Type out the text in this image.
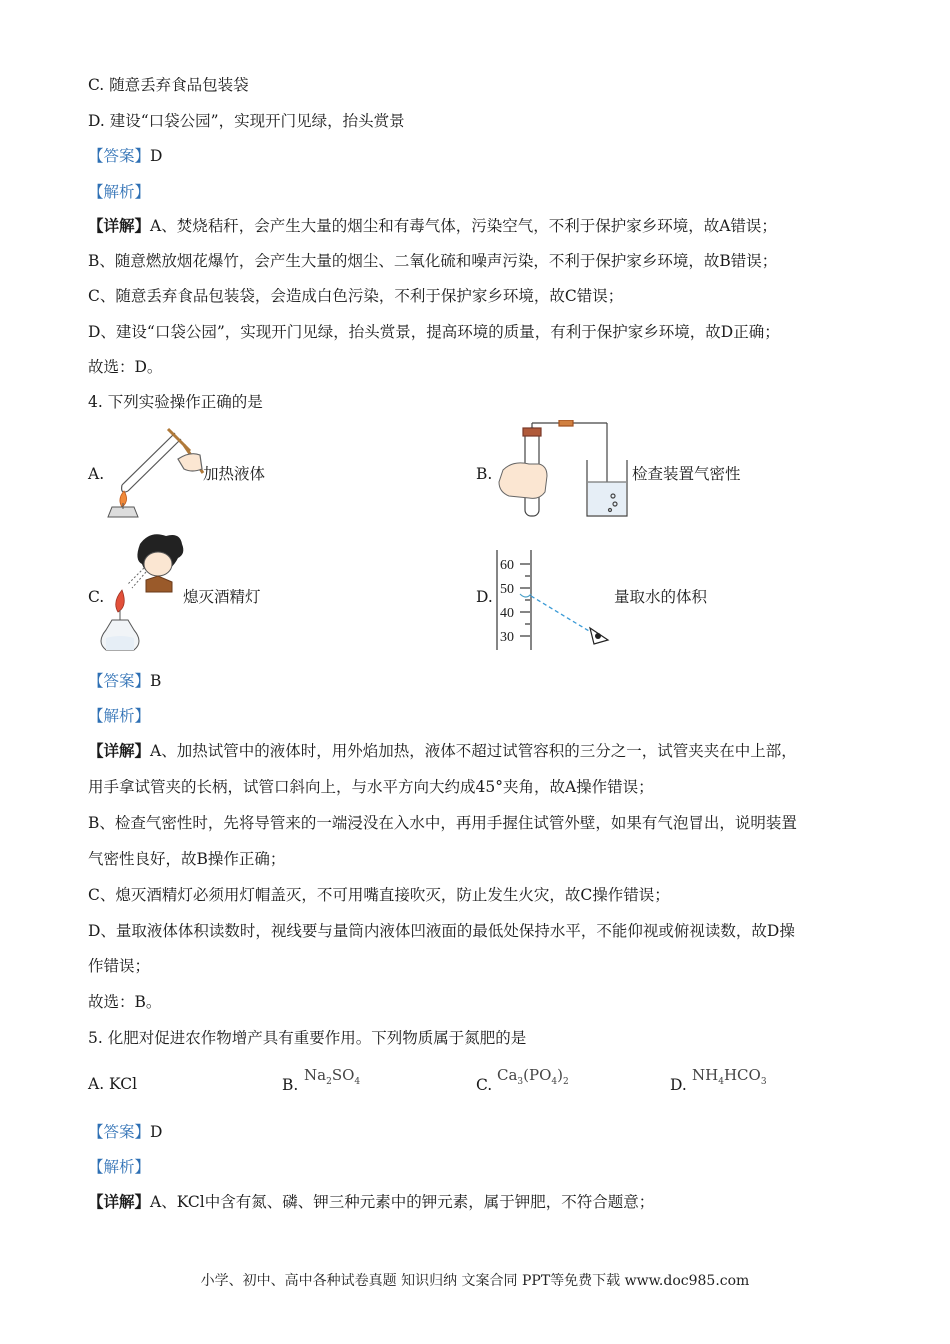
C. 随意丢弃食品包装袋
D. 建设“口袋公园”，实现开门见绿，抬头赏景
【答案】D
【解析】
【详解】A、焚烧秸秆，会产生大量的烟尘和有毒气体，污染空气，不利于保护家乡环境，故A错误；
B、随意燃放烟花爆竹，会产生大量的烟尘、二氧化硫和噪声污染，不利于保护家乡环境，故B错误；
C、随意丢弃食品包装袋，会造成白色污染，不利于保护家乡环境，故C错误；
D、建设“口袋公园”，实现开门见绿，抬头赏景，提高环境的质量，有利于保护家乡环境，故D正确；
故选：D。
4. 下列实验操作正确的是
A.	加热液体	B.	检查装置气密性
C.	熄灭酒精灯	D.
60
50
40
30
量取水的体积
【答案】B
【解析】
【详解】A、加热试管中的液体时，用外焰加热，液体不超过试管容积的三分之一，试管夹夹在中上部，
用手拿试管夹的长柄，试管口斜向上，与水平方向大约成45°夹角，故A操作错误；
B、检查气密性时，先将导管来的一端浸没在入水中，再用手握住试管外壁，如果有气泡冒出，说明装置
气密性良好，故B操作正确；
C、熄灭酒精灯必须用灯帽盖灭，不可用嘴直接吹灭，防止发生火灾，故C操作错误；
D、量取液体体积读数时，视线要与量筒内液体凹液面的最低处保持水平，不能仰视或俯视读数，故D操
作错误；
故选：B。
5. 化肥对促进农作物增产具有重要作用。下列物质属于氮肥的是
A. KCl	B.
$Na_2SO_4$	C.
$Ca_3(PO_4)_2$	D.
$NH_4HCO_3$
【答案】D
【解析】
【详解】A、KCl中含有氮、磷、钾三种元素中的钾元素，属于钾肥，不符合题意；
小学、初中、高中各种试卷真题 知识归纳 文案合同 PPT等免费下载 www.doc985.com
